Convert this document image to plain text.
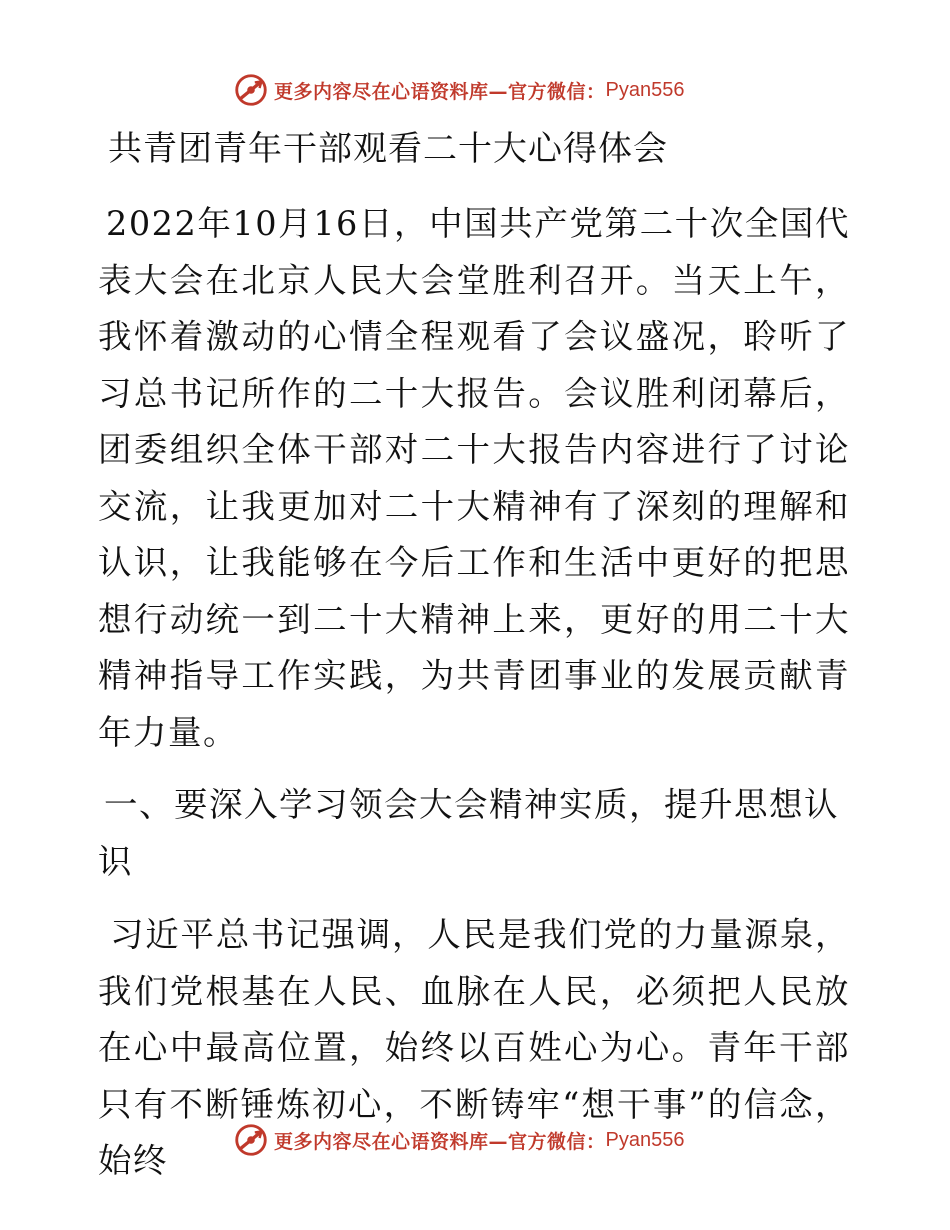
更多内容尽在心语资料库—官方微信： Pyan556
共青团青年干部观看二十大心得体会

2022年10月16日，中国共产党第二十次全国代表大会在北京人民大会堂胜利召开。当天上午，我怀着激动的心情全程观看了会议盛况，聆听了习总书记所作的二十大报告。会议胜利闭幕后，团委组织全体干部对二十大报告内容进行了讨论交流，让我更加对二十大精神有了深刻的理解和认识，让我能够在今后工作和生活中更好的把思想行动统一到二十大精神上来，更好的用二十大精神指导工作实践，为共青团事业的发展贡献青年力量。

一、要深入学习领会大会精神实质，提升思想认识

习近平总书记强调，人民是我们党的力量源泉，我们党根基在人民、血脉在人民，必须把人民放在心中最高位置，始终以百姓心为心。青年干部只有不断锤炼初心，不断铸牢“想干事”的信念，始终	更多内容尽在心语资料库—官方微信： Pyan556
